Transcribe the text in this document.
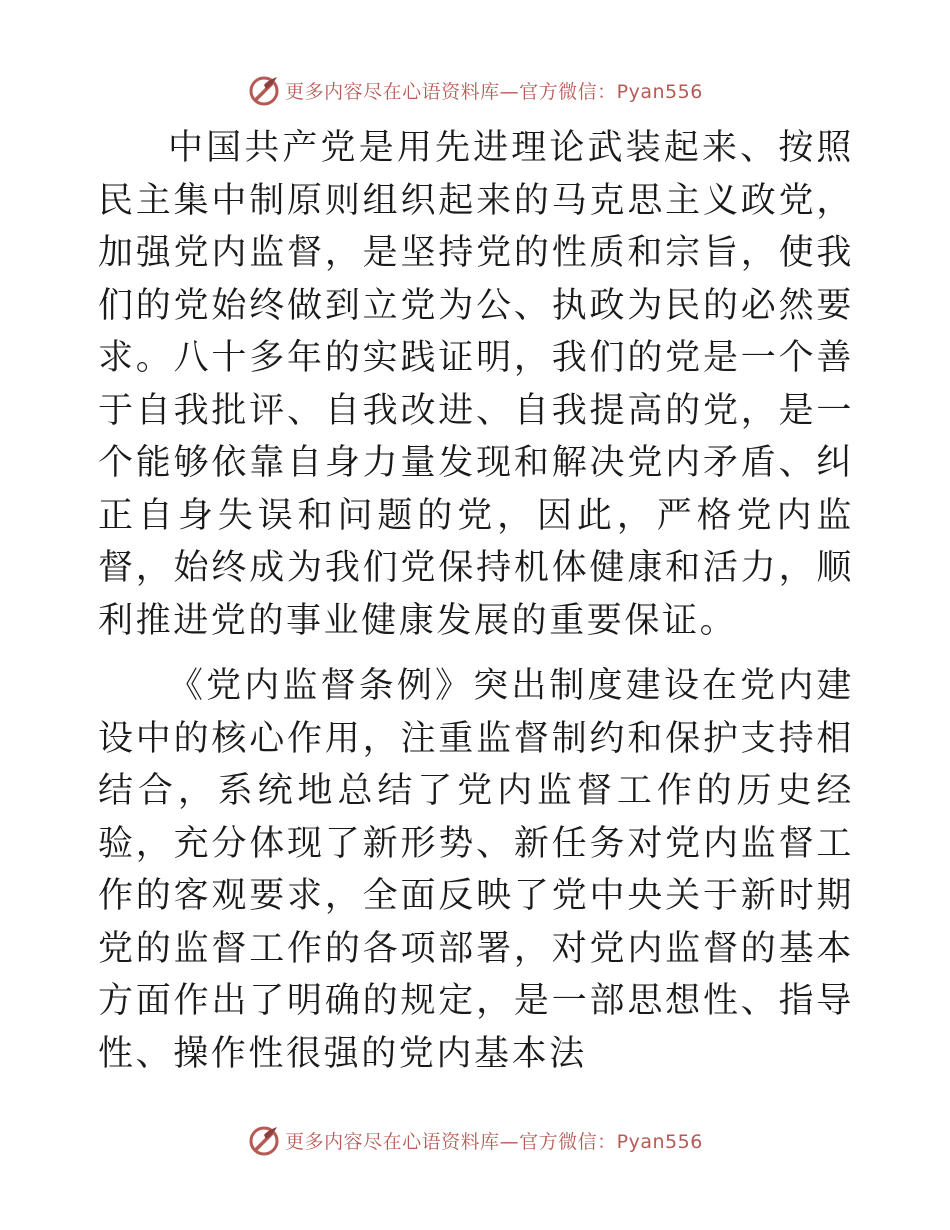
更多内容尽在心语资料库—官方微信：Pyan556

中国共产党是用先进理论武装起来、按照民主集中制原则组织起来的马克思主义政党，加强党内监督，是坚持党的性质和宗旨，使我们的党始终做到立党为公、执政为民的必然要求。八十多年的实践证明，我们的党是一个善于自我批评、自我改进、自我提高的党，是一个能够依靠自身力量发现和解决党内矛盾、纠正自身失误和问题的党，因此，严格党内监督，始终成为我们党保持机体健康和活力，顺利推进党的事业健康发展的重要保证。

《党内监督条例》突出制度建设在党内建设中的核心作用，注重监督制约和保护支持相结合，系统地总结了党内监督工作的历史经验，充分体现了新形势、新任务对党内监督工作的客观要求，全面反映了党中央关于新时期党的监督工作的各项部署，对党内监督的基本方面作出了明确的规定，是一部思想性、指导性、操作性很强的党内基本法

更多内容尽在心语资料库—官方微信：Pyan556
